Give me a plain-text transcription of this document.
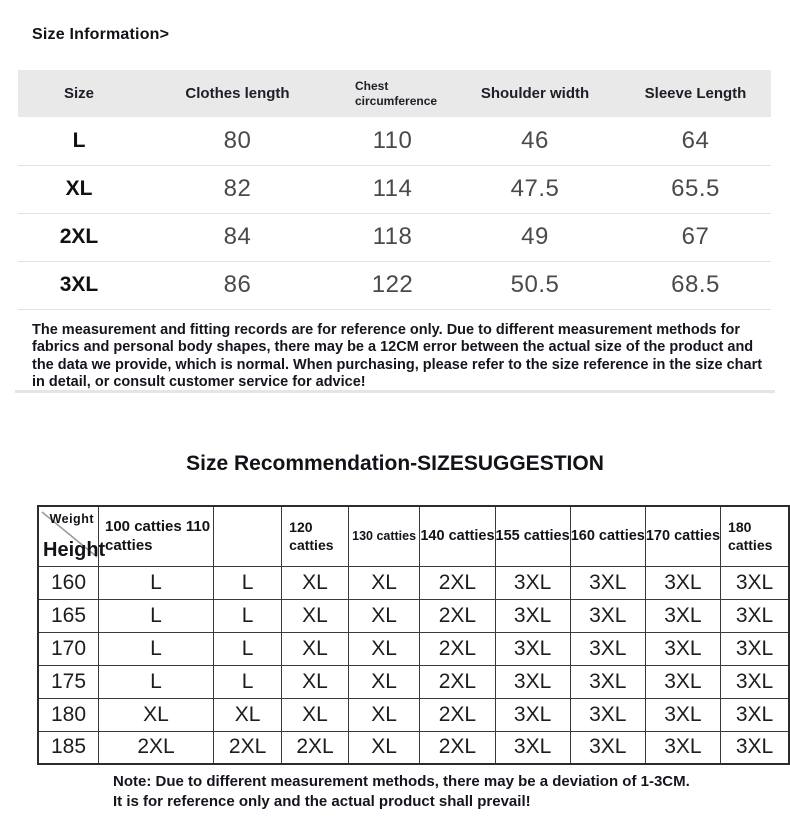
Size Information>
Size	Clothes length	Chest circumference	Shoulder width	Sleeve Length
L	80	110	46	64
XL	82	114	47.5	65.5
2XL	84	118	49	67
3XL	86	122	50.5	68.5
The measurement and fitting records are for reference only. Due to different measurement methods for fabrics and personal body shapes, there may be a 12CM error between the actual size of the product and the data we provide, which is normal. When purchasing, please refer to the size reference in the size chart in detail, or consult customer service for advice!
Size Recommendation-SIZESUGGESTION
Weight
Height	100 catties 110 catties		120 catties	130 catties	140 catties	155 catties	160 catties	170 catties	180 catties
160	L	L	XL	XL	2XL	3XL	3XL	3XL	3XL
165	L	L	XL	XL	2XL	3XL	3XL	3XL	3XL
170	L	L	XL	XL	2XL	3XL	3XL	3XL	3XL
175	L	L	XL	XL	2XL	3XL	3XL	3XL	3XL
180	XL	XL	XL	XL	2XL	3XL	3XL	3XL	3XL
185	2XL	2XL	2XL	XL	2XL	3XL	3XL	3XL	3XL
Note: Due to different measurement methods, there may be a deviation of 1-3CM. It is for reference only and the actual product shall prevail!
